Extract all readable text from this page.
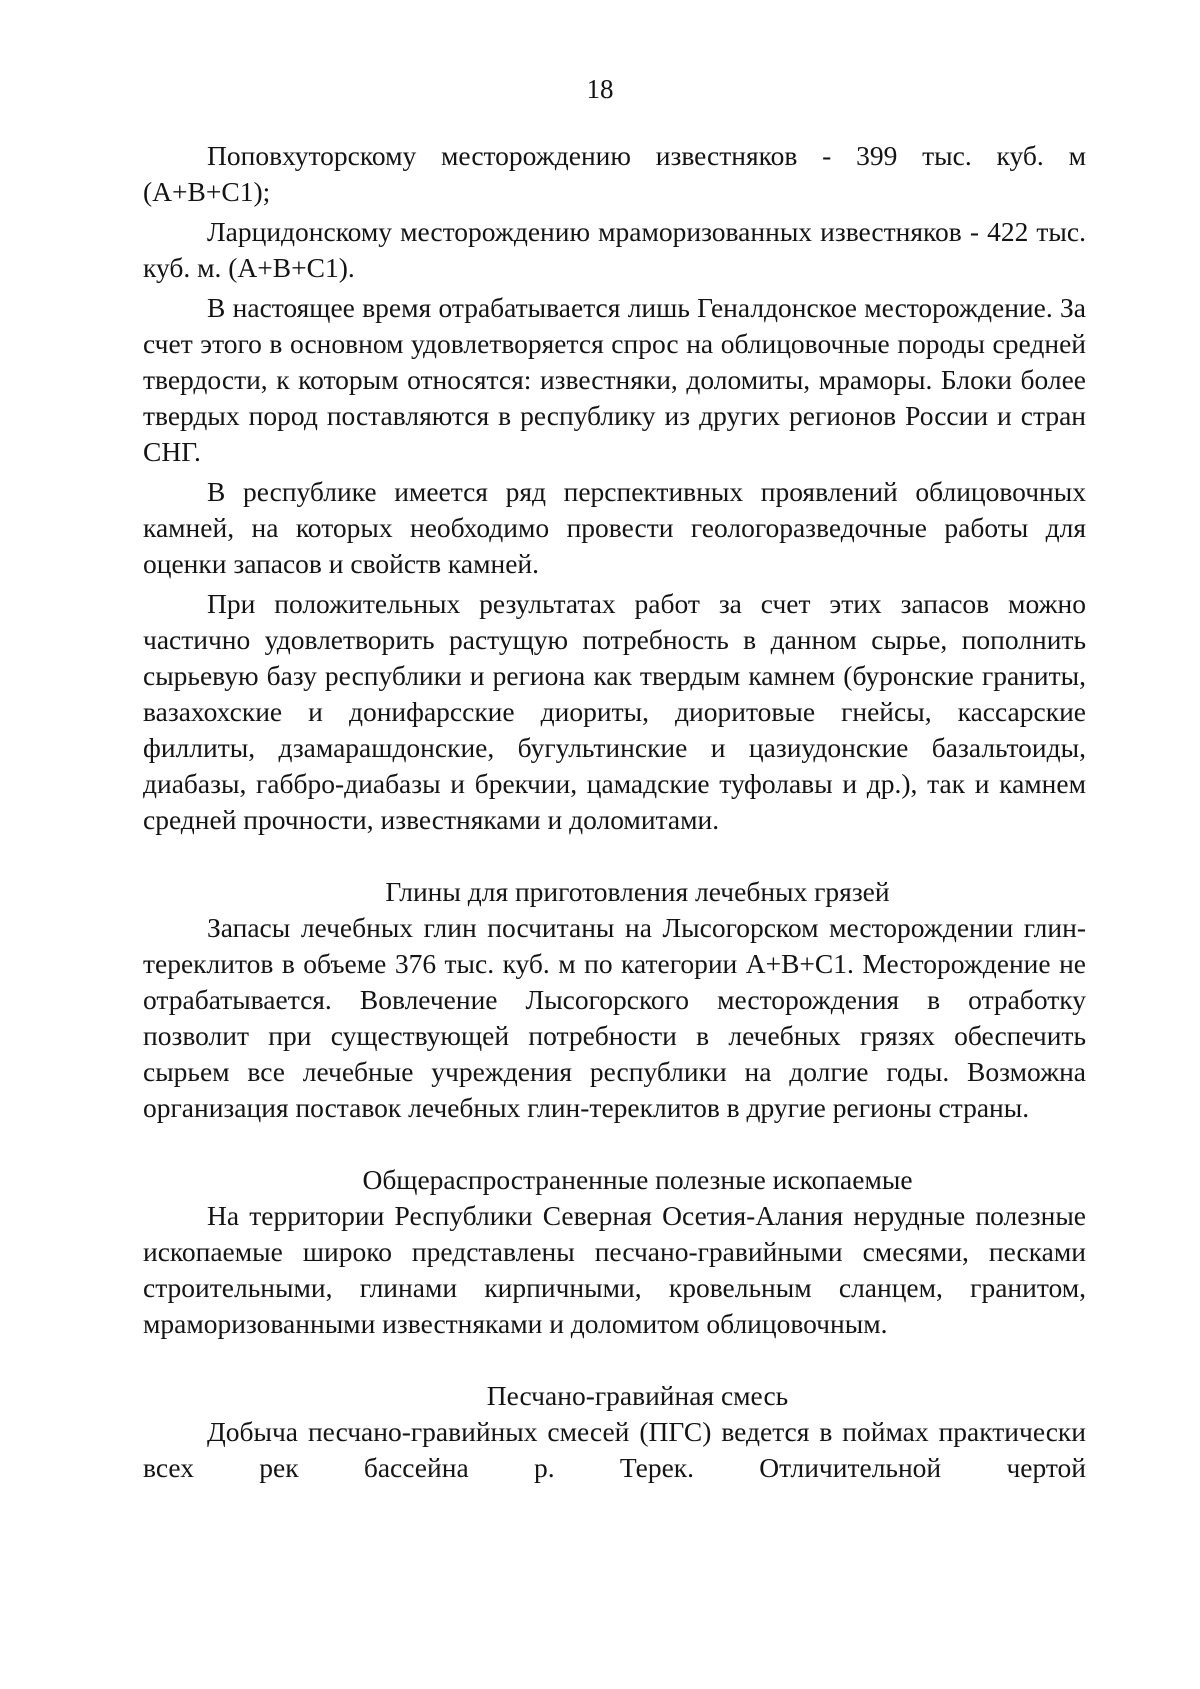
18

Поповхуторскому месторождению известняков - 399 тыс. куб. м (А+В+С1);

Ларцидонскому месторождению мраморизованных известняков - 422 тыс. куб. м. (А+В+С1).

В настоящее время отрабатывается лишь Геналдонское месторождение. За счет этого в основном удовлетворяется спрос на облицовочные породы средней твердости, к которым относятся: известняки, доломиты, мраморы. Блоки более твердых пород поставляются в республику из других регионов России и стран СНГ.

В республике имеется ряд перспективных проявлений облицовочных камней, на которых необходимо провести геологоразведочные работы для оценки запасов и свойств камней.

При положительных результатах работ за счет этих запасов можно частично удовлетворить растущую потребность в данном сырье, пополнить сырьевую базу республики и региона как твердым камнем (буронские граниты, вазахохские и донифарсские диориты, диоритовые гнейсы, кассарские филлиты, дзамарашдонские, бугультинские и цазиудонские базальтоиды, диабазы, габбро-диабазы и брекчии, цамадские туфолавы и др.), так и камнем средней прочности, известняками и доломитами.

Глины для приготовления лечебных грязей

Запасы лечебных глин посчитаны на Лысогорском месторождении глин-тереклитов в объеме 376 тыс. куб. м по категории А+В+С1. Месторождение не отрабатывается. Вовлечение Лысогорского месторождения в отработку позволит при существующей потребности в лечебных грязях обеспечить сырьем все лечебные учреждения республики на долгие годы. Возможна организация поставок лечебных глин-тереклитов в другие регионы страны.

Общераспространенные полезные ископаемые

На территории Республики Северная Осетия-Алания нерудные полезные ископаемые широко представлены песчано-гравийными смесями, песками строительными, глинами кирпичными, кровельным сланцем, гранитом, мраморизованными известняками и доломитом облицовочным.

Песчано-гравийная смесь

Добыча песчано-гравийных смесей (ПГС) ведется в поймах практически всех рек бассейна р. Терек. Отличительной чертой
